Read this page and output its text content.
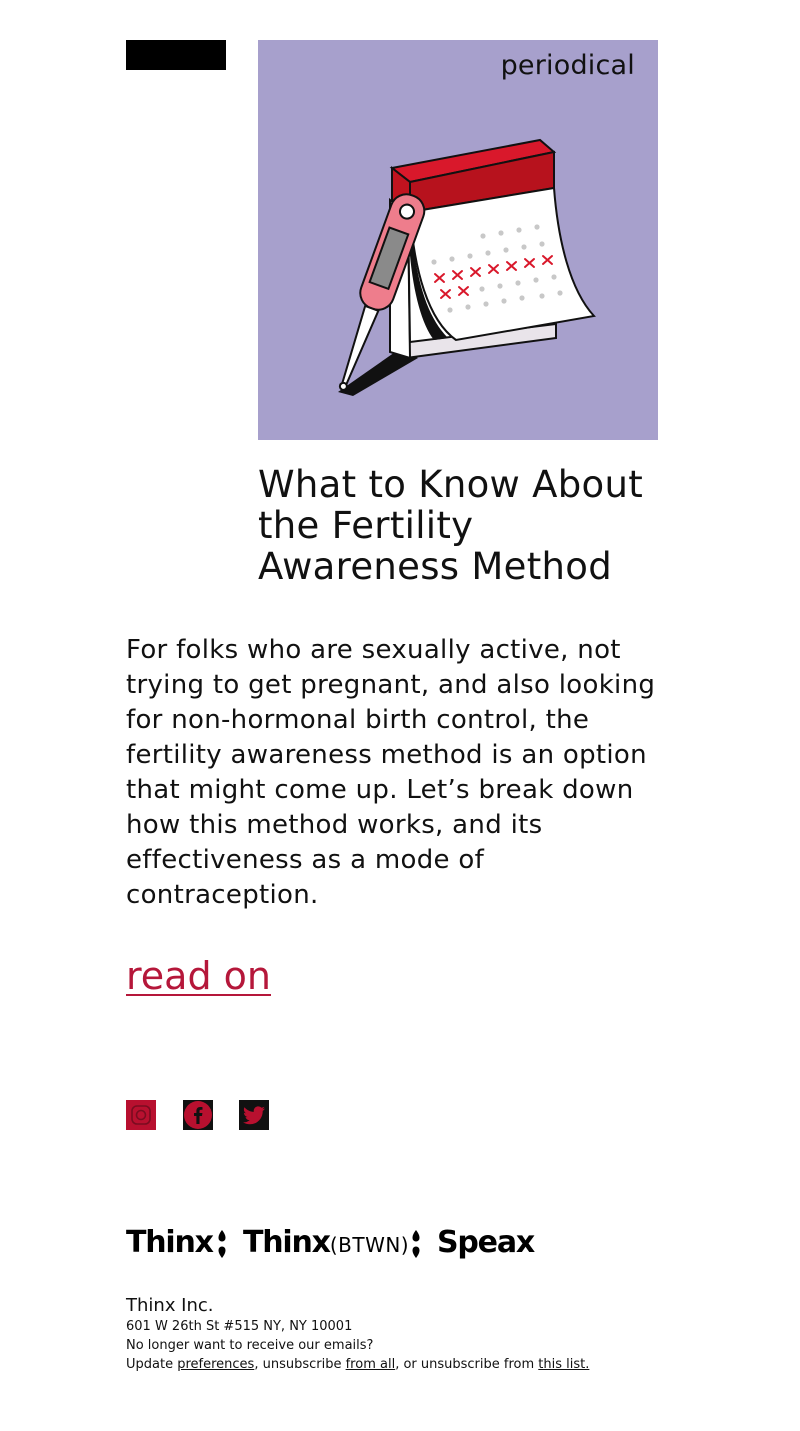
periodical
What to Know About the Fertility Awareness Method

For folks who are sexually active, not trying to get pregnant, and also looking for non-hormonal birth control, the fertility awareness method is an option that might come up. Let’s break down how this method works, and its effectiveness as a mode of contraception.

read on
Thinx Thinx(BTWN) Speax

Thinx Inc.

601 W 26th St #515 NY, NY 10001

No longer want to receive our emails?

Update preferences, unsubscribe from all, or unsubscribe from this list.
